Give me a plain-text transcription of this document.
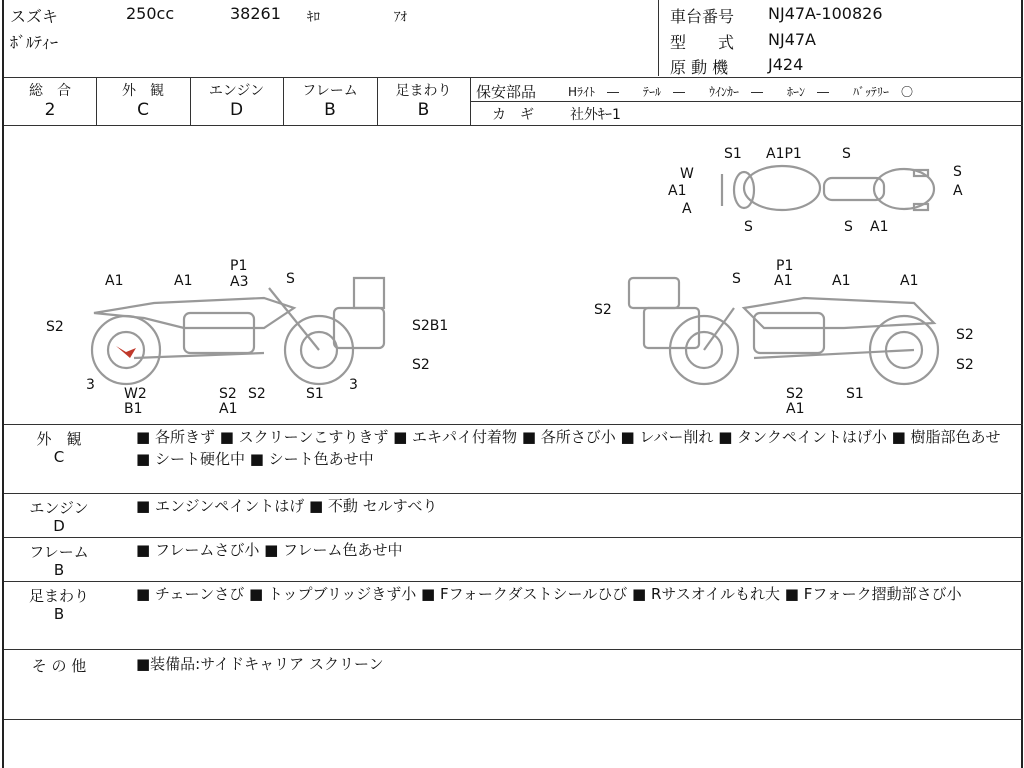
スズキ	250cc	38261 ｷﾛ	ｱｵ
ﾎﾞﾙﾃｨｰ
車台番号 NJ47A-100826
型　　式 NJ47A
原 動 機 J424
総　合
2
外　観
C
エンジン
D
フレーム
B
足まわり
B
保安部品	Hﾗｲﾄ　―　　ﾃｰﾙ　―　　ｳｲﾝｶｰ　―　　ﾎｰﾝ　―　　ﾊﾞｯﾃﾘｰ　〇
カ　ギ	社外ｷｰ1
S1 A1P1	S
W
A1
A
S	S A1
S
A
P1
A3	S
A1	A1
S2	S2B1
S2
3	3
W2
B1
S2 S2
A1
S1
S
P1
A1	A1	A1
S2
S2
S2
S2
A1
S1
外　観
C
■ 各所きず ■ スクリーンこすりきず ■ エキパイ付着物 ■ 各所さび小 ■ レバー削れ ■ タンクペイントはげ小 ■ 樹脂部色あせ ■ シート硬化中 ■ シート色あせ中
エンジン
D
■ エンジンペイントはげ ■ 不動 セルすべり
フレーム
B
■ フレームさび小 ■ フレーム色あせ中
足まわり
B
■ チェーンさび ■ トップブリッジきず小 ■ Fフォークダストシールひび ■ Rサスオイルもれ大 ■ Fフォーク摺動部さび小
そ の 他	■装備品:サイドキャリア スクリーン
